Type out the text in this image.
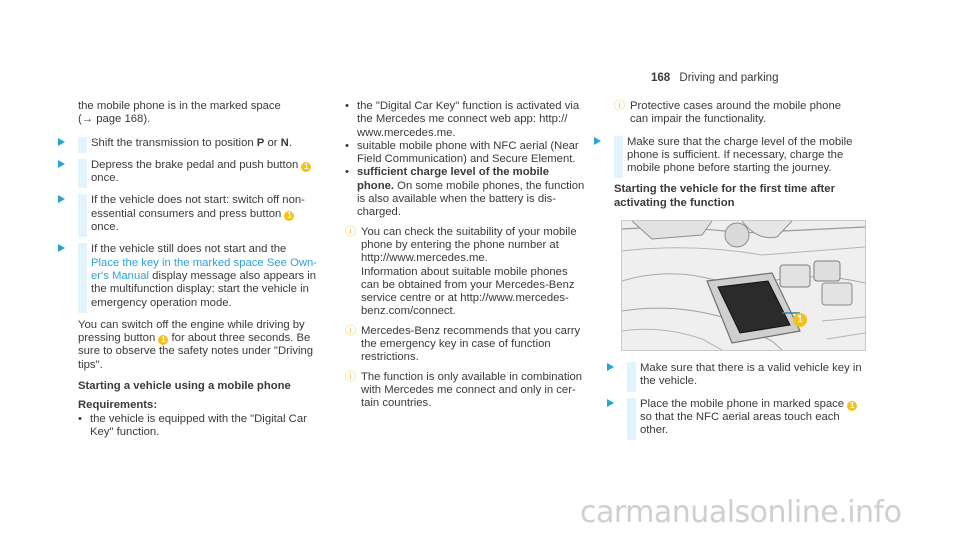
168 Driving and parking

the mobile phone is in the marked space
(→ page 168).

Shift the transmission to position P or N.
Depress the brake pedal and push button 1
once.
If the vehicle does not start: switch off non-
essential consumers and press button 1
once.
If the vehicle still does not start and the
Place the key in the marked space See Own-
er's Manual display message also appears in
the multifunction display: start the vehicle in
emergency operation mode.

You can switch off the engine while driving by
pressing button 1 for about three seconds. Be
sure to observe the safety notes under "Driving
tips".

Starting a vehicle using a mobile phone

Requirements:

• the vehicle is equipped with the "Digital Car
Key" function.
• the "Digital Car Key" function is activated via
the Mercedes me connect web app: http://
www.mercedes.me.
• suitable mobile phone with NFC aerial (Near
Field Communication) and Secure Element.
• sufficient charge level of the mobile
phone. On some mobile phones, the function
is also available when the battery is dis-
charged.
ⓘ You can check the suitability of your mobile
phone by entering the phone number at
http://www.mercedes.me.
Information about suitable mobile phones
can be obtained from your Mercedes-Benz
service centre or at http://www.mercedes-
benz.com/connect.
ⓘ Mercedes-Benz recommends that you carry
the emergency key in case of function
restrictions.
ⓘ The function is only available in combination
with Mercedes me connect and only in cer-
tain countries.
ⓘ Protective cases around the mobile phone
can impair the functionality.
Make sure that the charge level of the mobile
phone is sufficient. If necessary, charge the
mobile phone before starting the journey.

Starting the vehicle for the first time after
activating the function

1
Make sure that there is a valid vehicle key in
the vehicle.
Place the mobile phone in marked space 1
so that the NFC aerial areas touch each
other.
carmanualsonline.info
